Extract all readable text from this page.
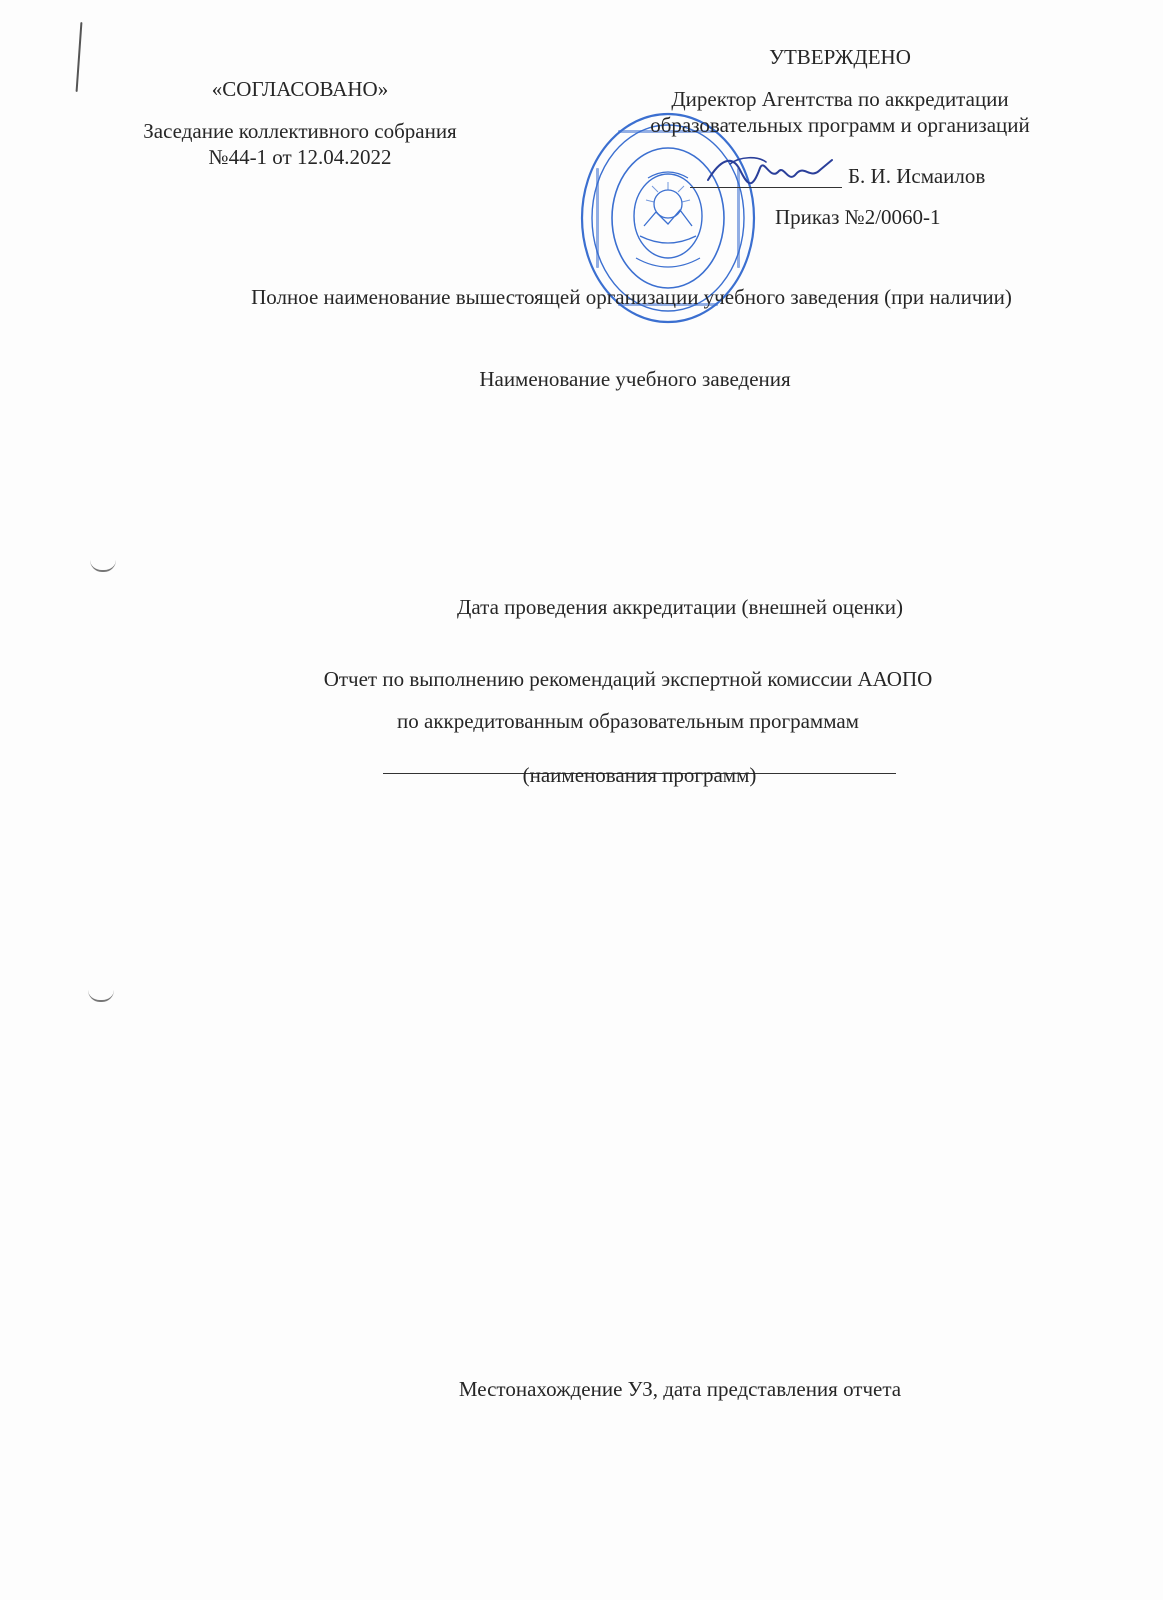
«СОГЛАСОВАНО»
Заседание коллективного собрания
№44-1 от 12.04.2022
УТВЕРЖДЕНО
Директор Агентства по аккредитации
образовательных программ и организаций
Б. И. Исмаилов
Приказ №2/0060-1
Полное наименование вышестоящей организации учебного заведения (при наличии)
Наименование учебного заведения
Дата проведения аккредитации (внешней оценки)
Отчет по выполнению рекомендаций экспертной комиссии ААОПО
по аккредитованным образовательным программам
(наименования программ)
Местонахождение УЗ, дата представления отчета
